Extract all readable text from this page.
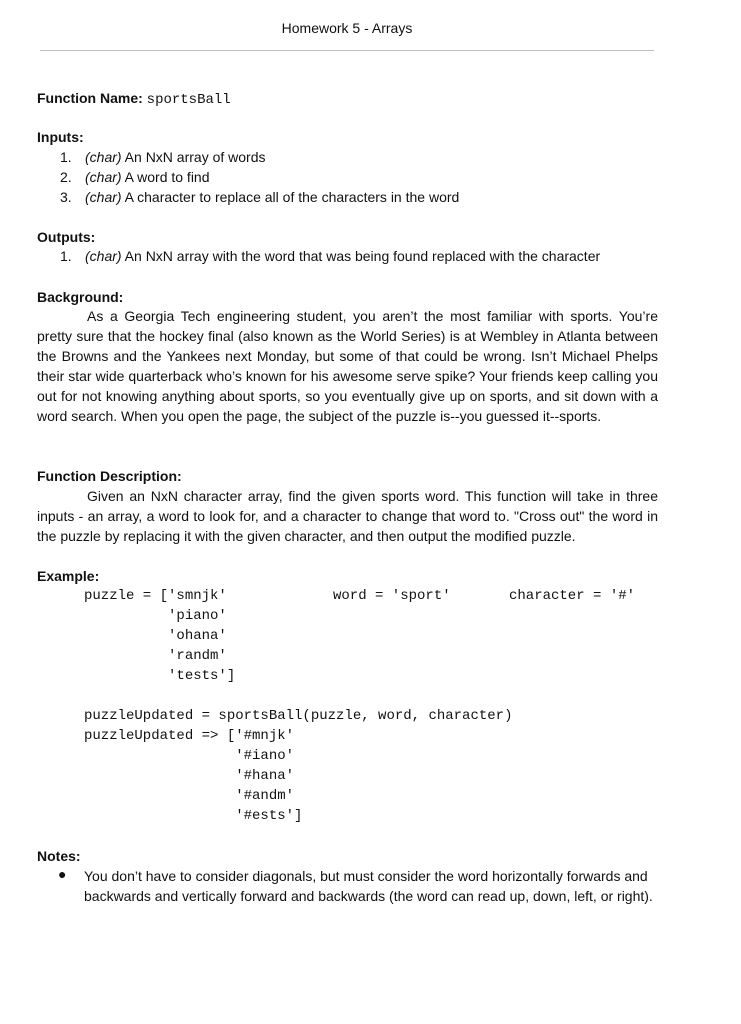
Homework 5 - Arrays
Function Name: sportsBall
Inputs:
1. (char) An NxN array of words
2. (char) A word to find
3. (char) A character to replace all of the characters in the word
Outputs:
1. (char) An NxN array with the word that was being found replaced with the character
Background:
As a Georgia Tech engineering student, you aren’t the most familiar with sports. You’re pretty sure that the hockey final (also known as the World Series) is at Wembley in Atlanta between the Browns and the Yankees next Monday, but some of that could be wrong. Isn’t Michael Phelps their star wide quarterback who’s known for his awesome serve spike? Your friends keep calling you out for not knowing anything about sports, so you eventually give up on sports, and sit down with a word search. When you open the page, the subject of the puzzle is--you guessed it--sports.
Function Description:
Given an NxN character array, find the given sports word. This function will take in three inputs - an array, a word to look for, and a character to change that word to. "Cross out" the word in the puzzle by replacing it with the given character, and then output the modified puzzle.
Example:
puzzle = ['smnjk'
'piano'
'ohana'
'randm'
'tests']
word = 'sport'	character = '#'
puzzleUpdated = sportsBall(puzzle, word, character)
puzzleUpdated => ['#mnjk'
'#iano'
'#hana'
'#andm'
'#ests']
Notes:
● You don’t have to consider diagonals, but must consider the word horizontally forwards and backwards and vertically forward and backwards (the word can read up, down, left, or right).
